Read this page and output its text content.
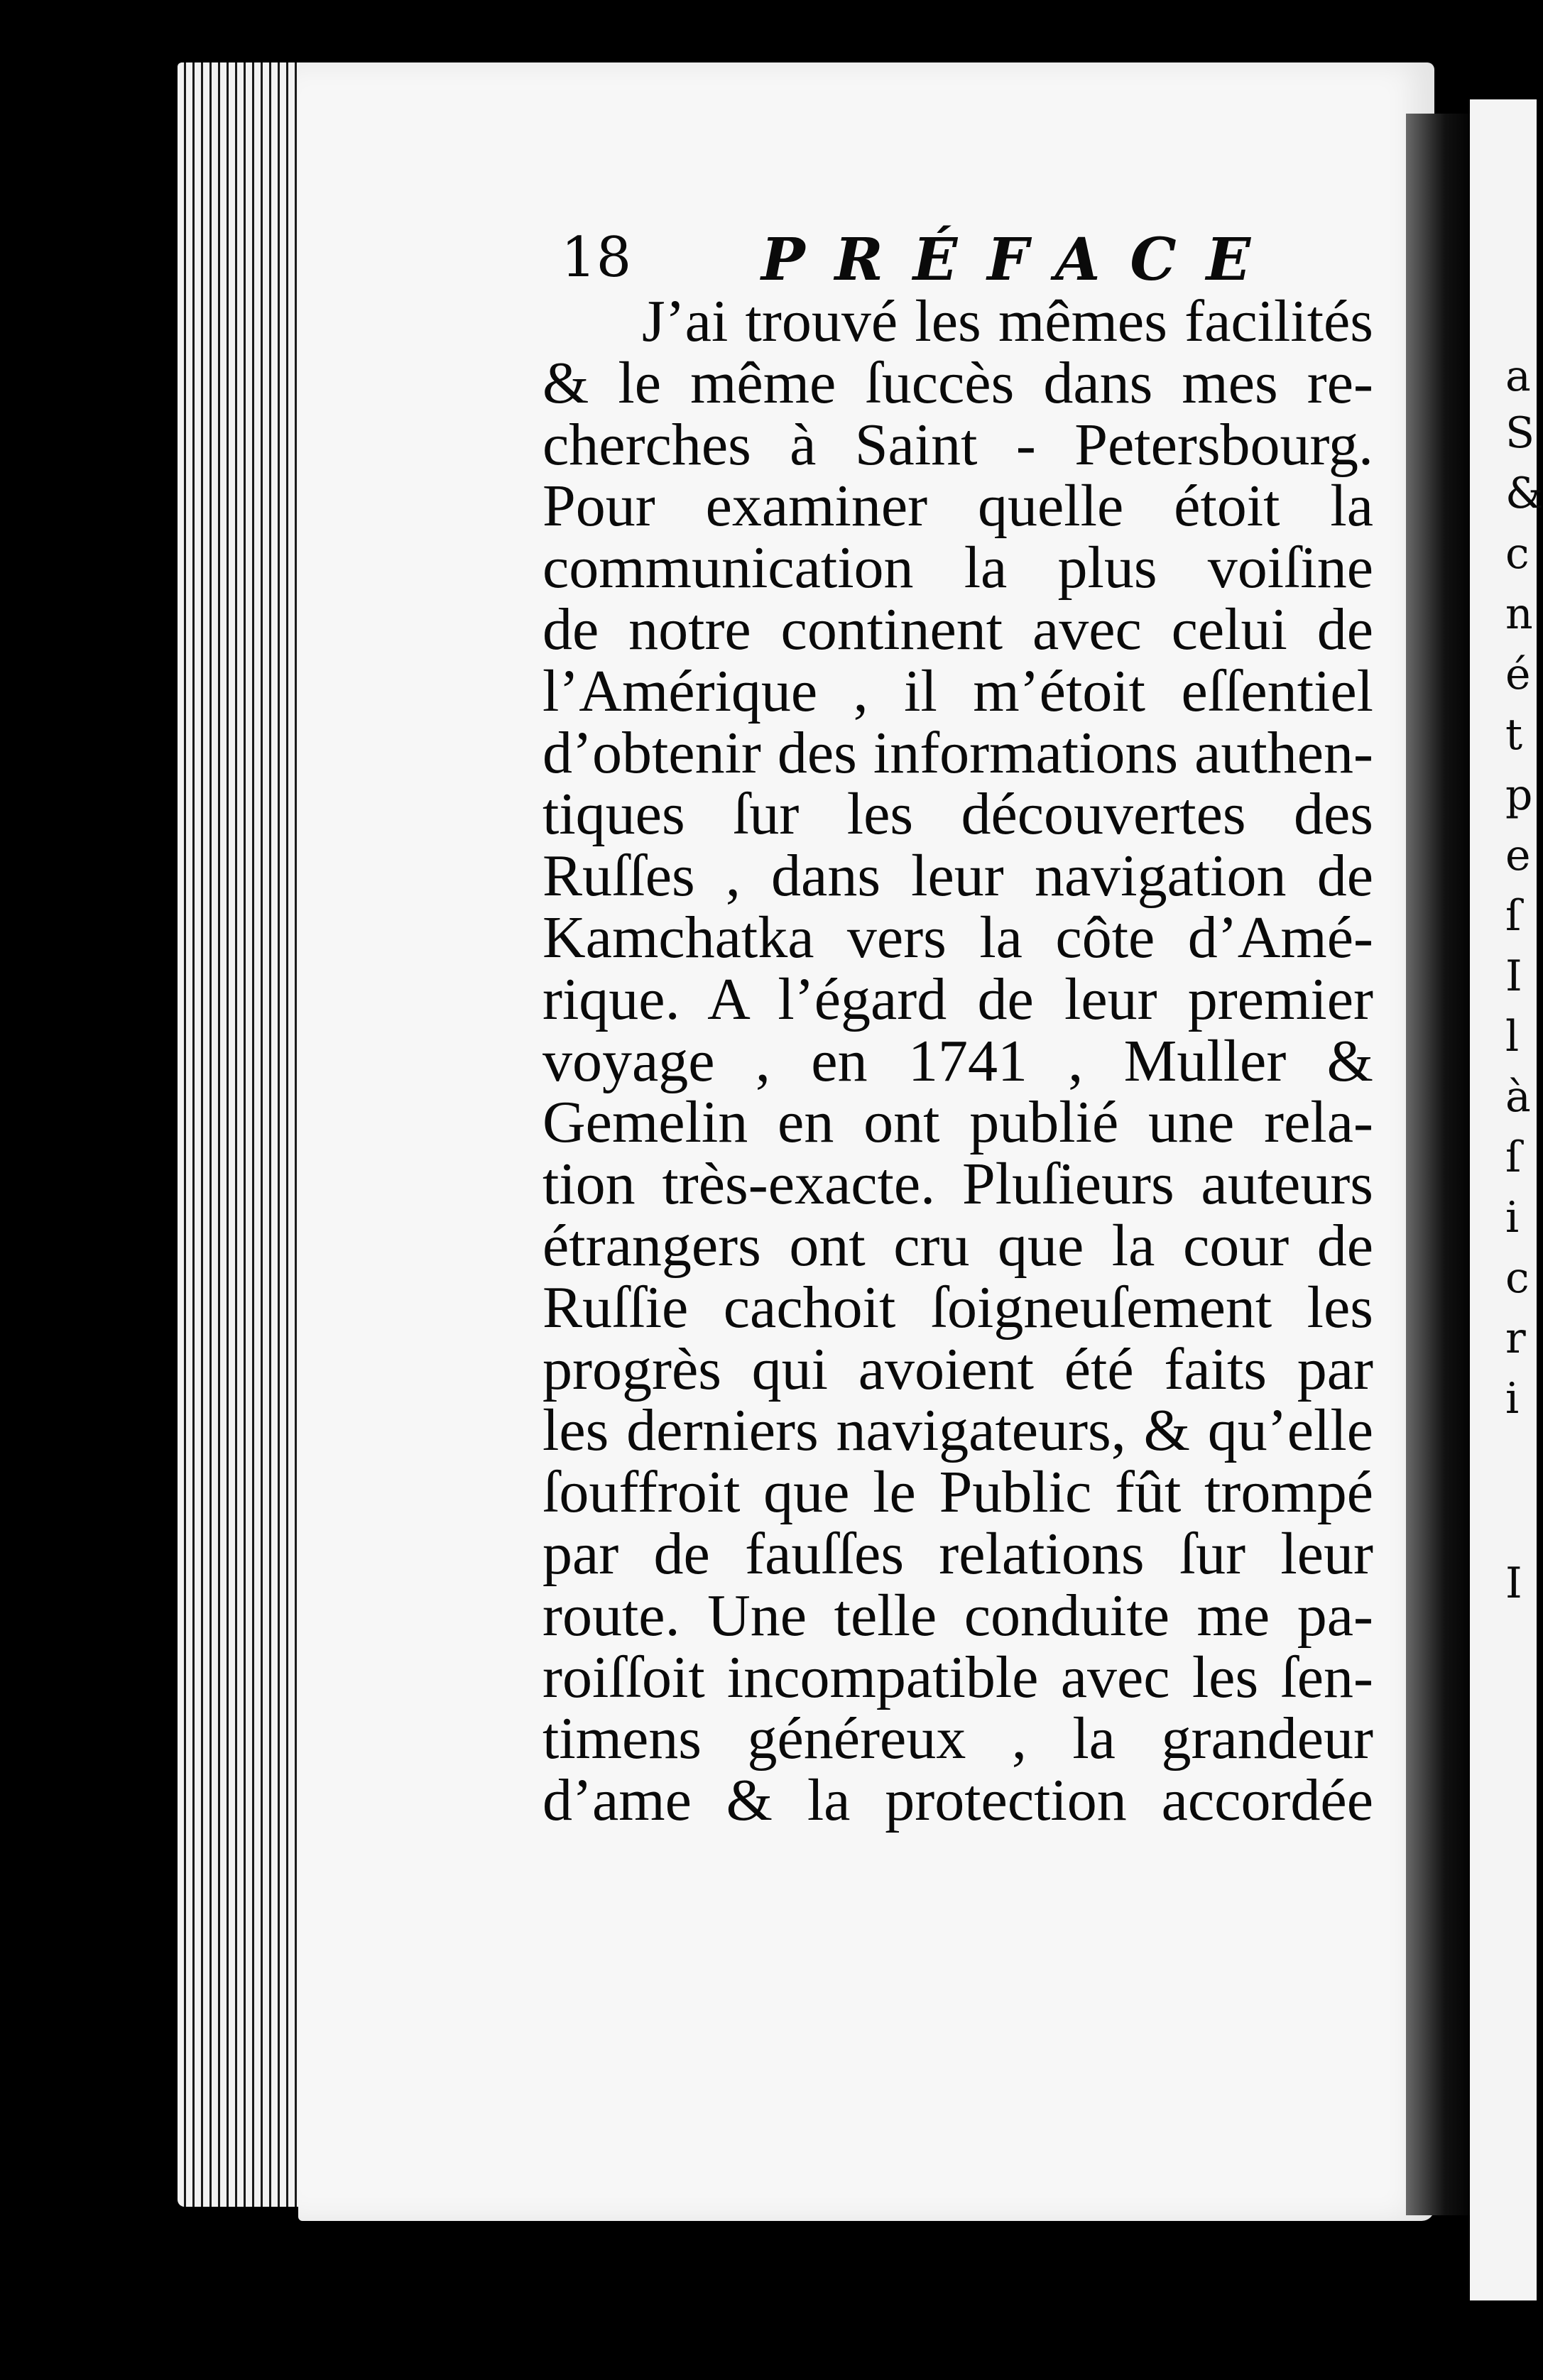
18 PRÉFACE
J’ai trouvé les mêmes facilités
& le même ſuccès dans mes re-
cherches à Saint - Petersbourg.
Pour examiner quelle étoit la
communication la plus voiſine
de notre continent avec celui de
l’Amérique , il m’étoit eſſentiel
d’obtenir des informations authen-
tiques ſur les découvertes des
Ruſſes , dans leur navigation de
Kamchatka vers la côte d’Amé-
rique. A l’égard de leur premier
voyage , en 1741 , Muller &
Gemelin en ont publié une rela-
tion très-exacte. Pluſieurs auteurs
étrangers ont cru que la cour de
Ruſſie cachoit ſoigneuſement les
progrès qui avoient été faits par
les derniers navigateurs, & qu’elle
ſouffroit que le Public fût trompé
par de fauſſes relations ſur leur
route. Une telle conduite me pa-
roiſſoit incompatible avec les ſen-
timens généreux , la grandeur
d’ame & la protection accordée
a
S
&
c
n
é
t
p
e
ſ
I
l
à
ſ
i
c
r
i
I
